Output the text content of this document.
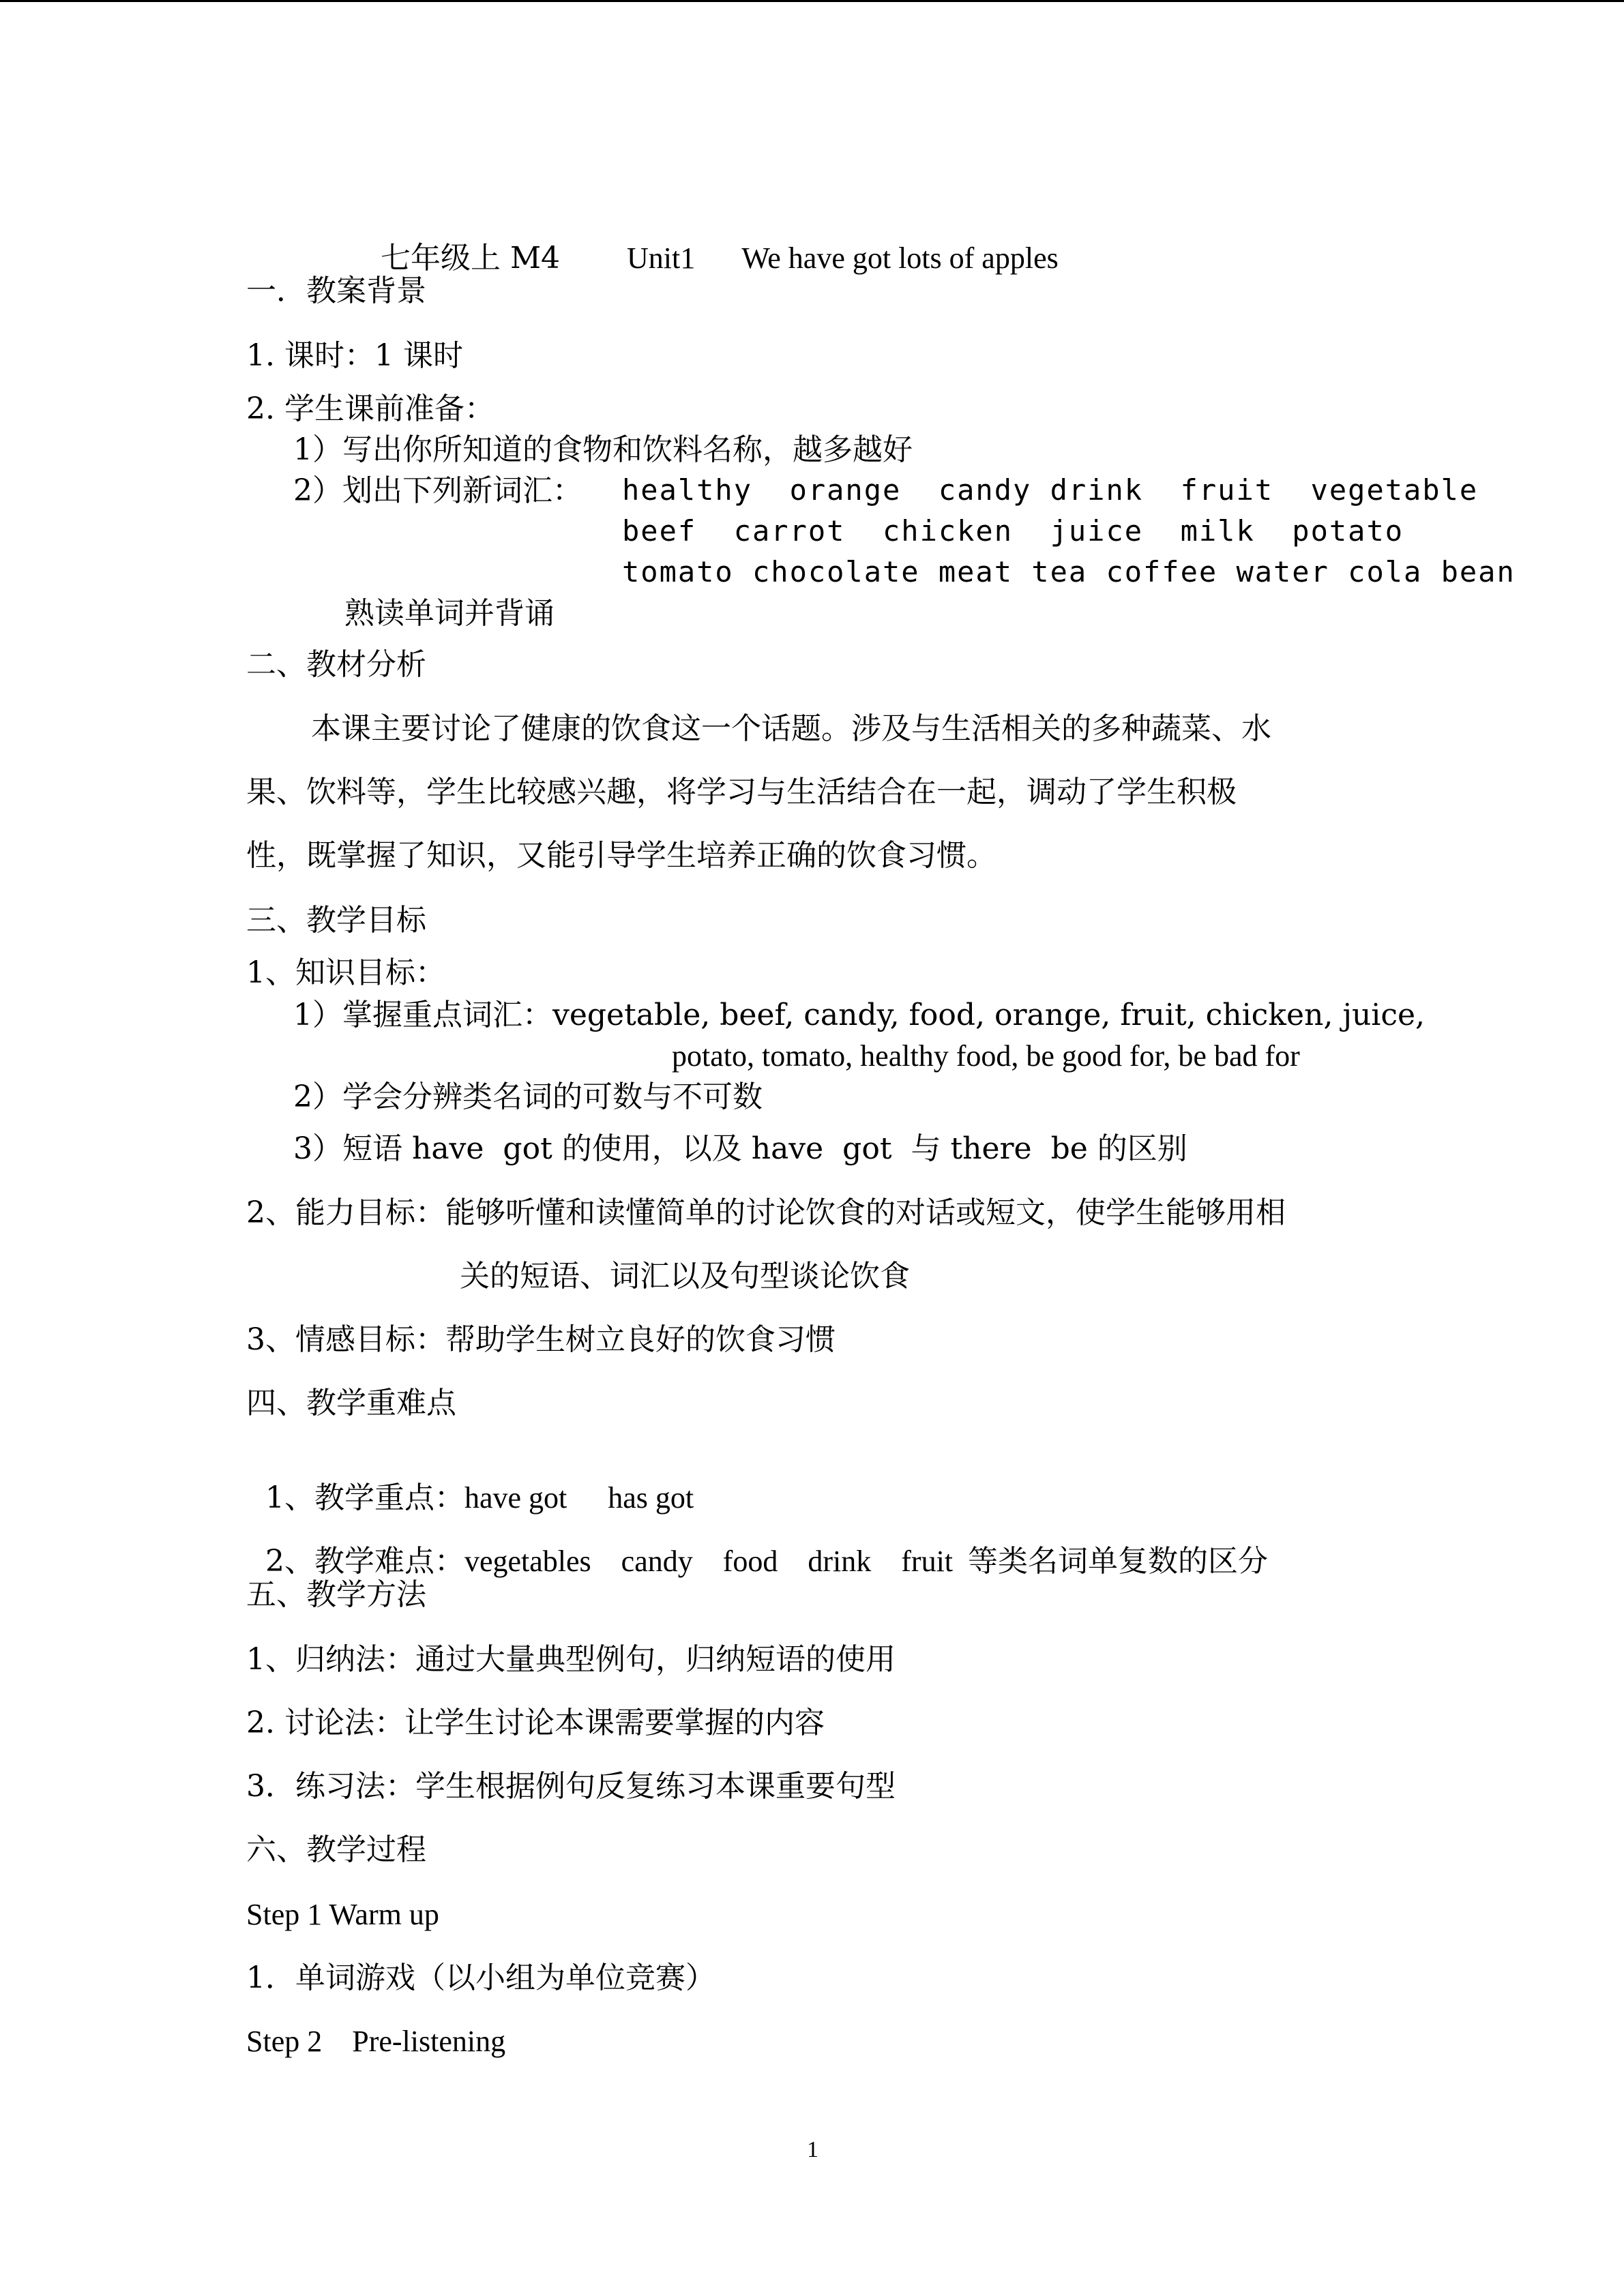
七年级上 M4 Unit1 We have got lots of apples

一．教案背景
1. 课时：1 课时
2. 学生课前准备：
1）写出你所知道的食物和饮料名称，越多越好
2）划出下列新词汇： healthy  orange  candy drink  fruit  vegetable
beef  carrot  chicken  juice  milk  potato
tomato chocolate meat tea coffee water cola bean
熟读单词并背诵
二、教材分析
本课主要讨论了健康的饮食这一个话题。涉及与生活相关的多种蔬菜、水
果、饮料等，学生比较感兴趣，将学习与生活结合在一起，调动了学生积极
性，既掌握了知识，又能引导学生培养正确的饮食习惯。
三、教学目标
1、知识目标：
1）掌握重点词汇：vegetable, beef, candy, food, orange, fruit, chicken, juice,
potato, tomato, healthy food, be good for, be bad for
2）学会分辨类名词的可数与不可数
3）短语 have  got 的使用，以及 have  got  与 there  be 的区别
2、能力目标：能够听懂和读懂简单的讨论饮食的对话或短文，使学生能够用相
关的短语、词汇以及句型谈论饮食
3、情感目标：帮助学生树立良好的饮食习惯
四、教学重难点

1、教学重点：have got has got

2、教学难点：vegetables    candy    food    drink    fruit 等类名词单复数的区分

五、教学方法
1、归纳法：通过大量典型例句，归纳短语的使用
2. 讨论法：让学生讨论本课需要掌握的内容
3．练习法：学生根据例句反复练习本课重要句型
六、教学过程
Step 1 Warm up
1．单词游戏（以小组为单位竞赛）
Step 2    Pre-listening
1
